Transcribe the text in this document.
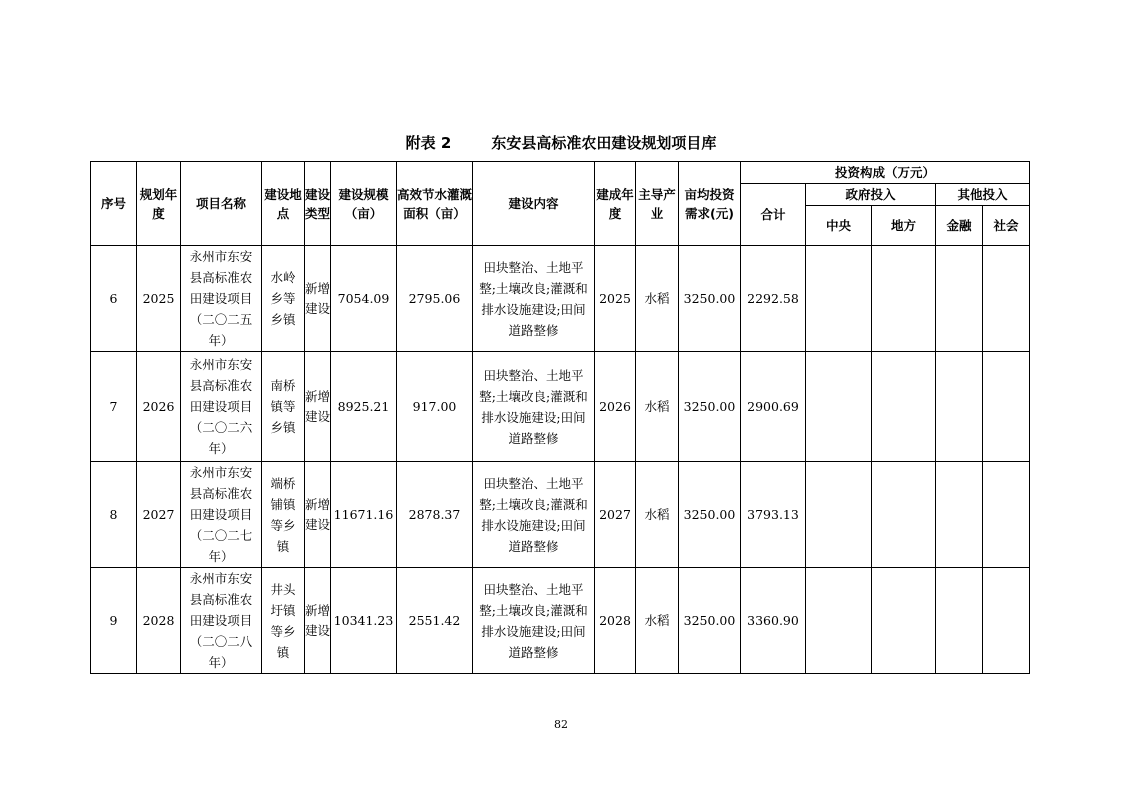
附表 2	东安县高标准农田建设规划项目库
序号	规划年度	项目名称	建设地点	建设类型	建设规模（亩）	高效节水灌溉面积（亩）	建设内容	建成年度	主导产业	亩均投资需求(元)	投资构成（万元）				
											合计	政府投入		其他投入	
												中央	地方	金融	社会
6	2025	永州市东安县高标准农田建设项目（二〇二五年）	水岭乡等乡镇	新增建设	7054.09	2795.06	田块整治、土地平整;土壤改良;灌溉和排水设施建设;田间道路整修	2025	水稻	3250.00	2292.58				
7	2026	永州市东安县高标准农田建设项目（二〇二六年）	南桥镇等乡镇	新增建设	8925.21	917.00	田块整治、土地平整;土壤改良;灌溉和排水设施建设;田间道路整修	2026	水稻	3250.00	2900.69				
8	2027	永州市东安县高标准农田建设项目（二〇二七年）	端桥铺镇等乡镇	新增建设	11671.16	2878.37	田块整治、土地平整;土壤改良;灌溉和排水设施建设;田间道路整修	2027	水稻	3250.00	3793.13				
9	2028	永州市东安县高标准农田建设项目（二〇二八年）	井头圩镇等乡镇	新增建设	10341.23	2551.42	田块整治、土地平整;土壤改良;灌溉和排水设施建设;田间道路整修	2028	水稻	3250.00	3360.90				
82
